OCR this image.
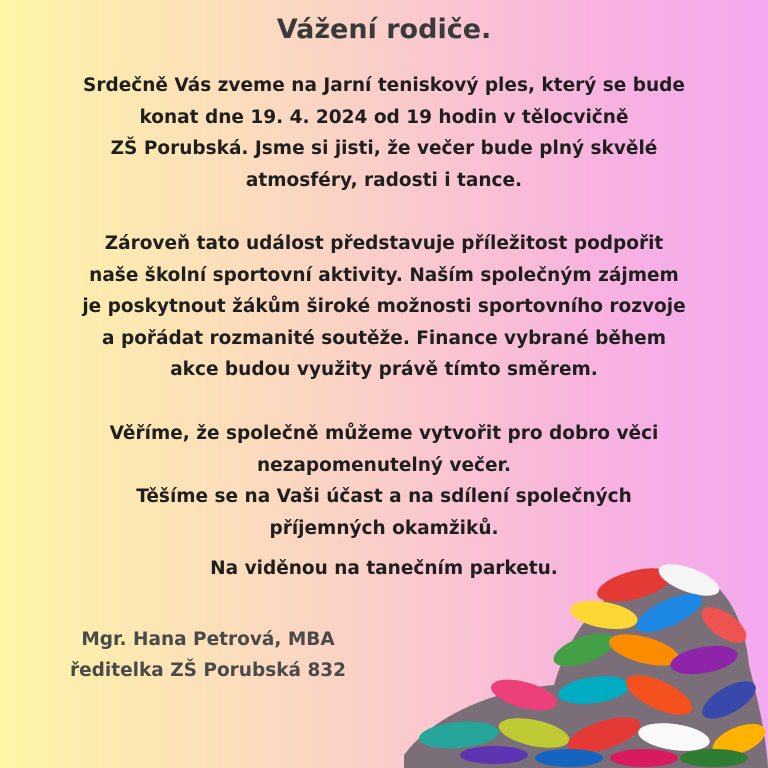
Vážení rodiče.

Srdečně Vás zveme na Jarní teniskový ples, který se bude
konat dne 19. 4. 2024 od 19 hodin v tělocvičně
ZŠ Porubská. Jsme si jisti, že večer bude plný skvělé
atmosféry, radosti i tance.

Zároveň tato událost představuje příležitost podpořit
naše školní sportovní aktivity. Naším společným zájmem
je poskytnout žákům široké možnosti sportovního rozvoje
a pořádat rozmanité soutěže. Finance vybrané během
akce budou využity právě tímto směrem.

Věříme, že společně můžeme vytvořit pro dobro věci
nezapomenutelný večer.
Těšíme se na Vaši účast a na sdílení společných
příjemných okamžiků.

Na viděnou na tanečním parketu.

Mgr. Hana Petrová, MBA
ředitelka ZŠ Porubská 832
